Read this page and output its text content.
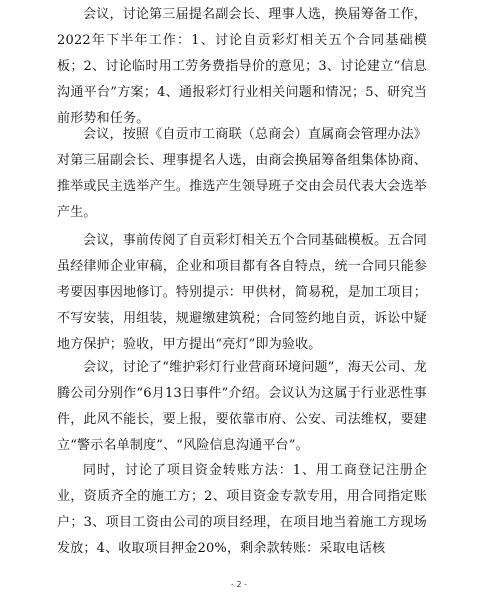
会议，讨论第三届提名副会长、理事人选，换届筹备工作，2022年下半年工作：1、讨论自贡彩灯相关五个合同基础模板；2、讨论临时用工劳务费指导价的意见；3、讨论建立“信息沟通平台”方案；4、通报彩灯行业相关问题和情况；5、研究当前形势和任务。

会议，按照《自贡市工商联（总商会）直属商会管理办法》对第三届副会长、理事提名人选，由商会换届筹备组集体协商、推举或民主选举产生。推选产生领导班子交由会员代表大会选举产生。

会议，事前传阅了自贡彩灯相关五个合同基础模板。五合同虽经律师企业审稿，企业和项目都有各自特点，统一合同只能参考要因事因地修订。特别提示：甲供材，简易税，是加工项目；不写安装，用组装，规避缴建筑税；合同签约地自贡，诉讼中疑地方保护；验收，甲方提出“亮灯”即为验收。

会议，讨论了“维护彩灯行业营商环境问题”，海天公司、龙腾公司分别作“6月13日事件”介绍。会议认为这属于行业恶性事件，此风不能长，要上报，要依靠市府、公安、司法维权，要建立“警示名单制度”、“风险信息沟通平台”。

同时，讨论了项目资金转账方法：1、用工商登记注册企业，资质齐全的施工方；2、项目资金专款专用，用合同指定账户；3、项目工资由公司的项目经理，在项目地当着施工方现场发放；4、收取项目押金20%，剩余款转账：采取电话核

- 2 -
